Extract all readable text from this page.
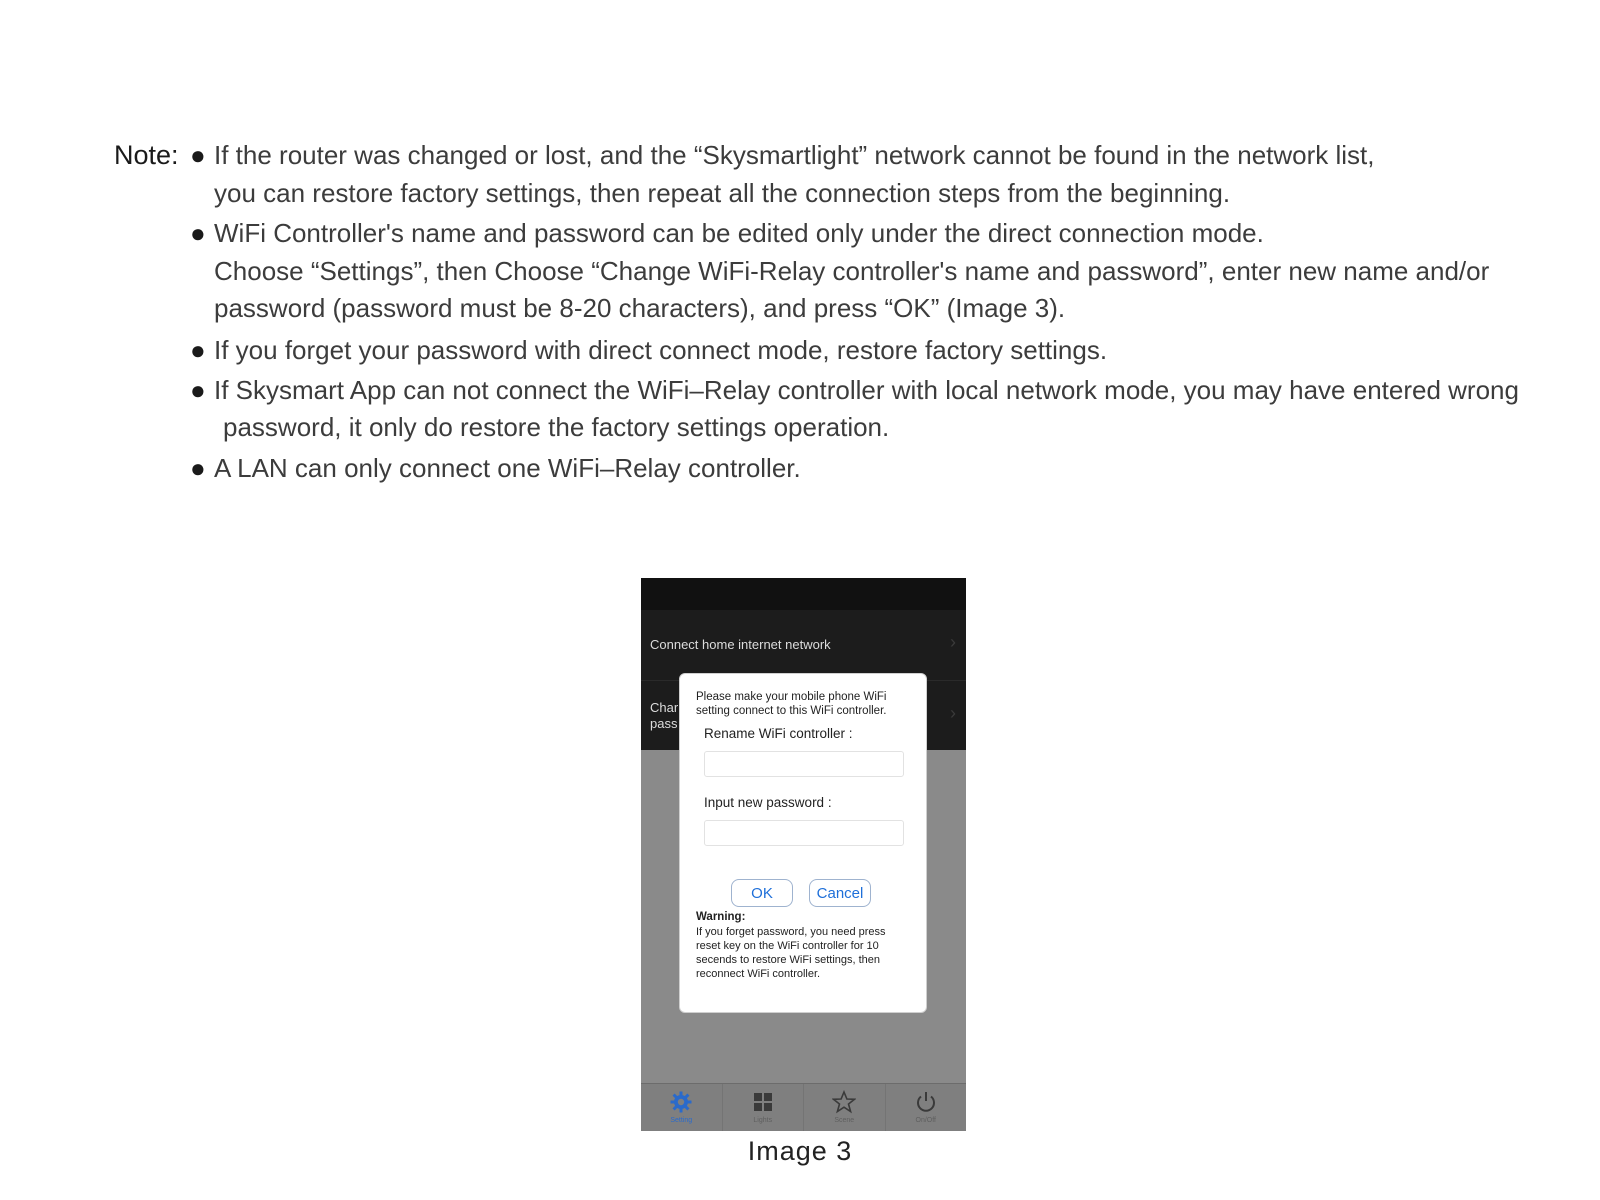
Note: ● If the router was changed or lost, and the “Skysmartlight” network cannot be found in the network list,
you can restore factory settings, then repeat all the connection steps from the beginning.
● WiFi Controller's name and password can be edited only under the direct connection mode.
Choose “Settings”, then Choose “Change WiFi-Relay controller's name and password”, enter new name and/or
password (password must be 8-20 characters), and press “OK” (Image 3).
● If you forget your password with direct connect mode, restore factory settings.
● If Skysmart App can not connect the WiFi–Relay controller with local network mode, you may have entered wrong
password, it only do restore the factory settings operation.
● A LAN can only connect one WiFi–Relay controller.
Connect home internet network	›
Char
pass
›
Please make your mobile phone WiFi setting connect to this WiFi controller.
Rename WiFi controller :
Input new password :
OK	Cancel
Warning:
If you forget password, you need press reset key on the WiFi controller for 10 secends to restore WiFi settings, then reconnect WiFi controller.
Setting	Lights	Scene	On/Off
Image 3
